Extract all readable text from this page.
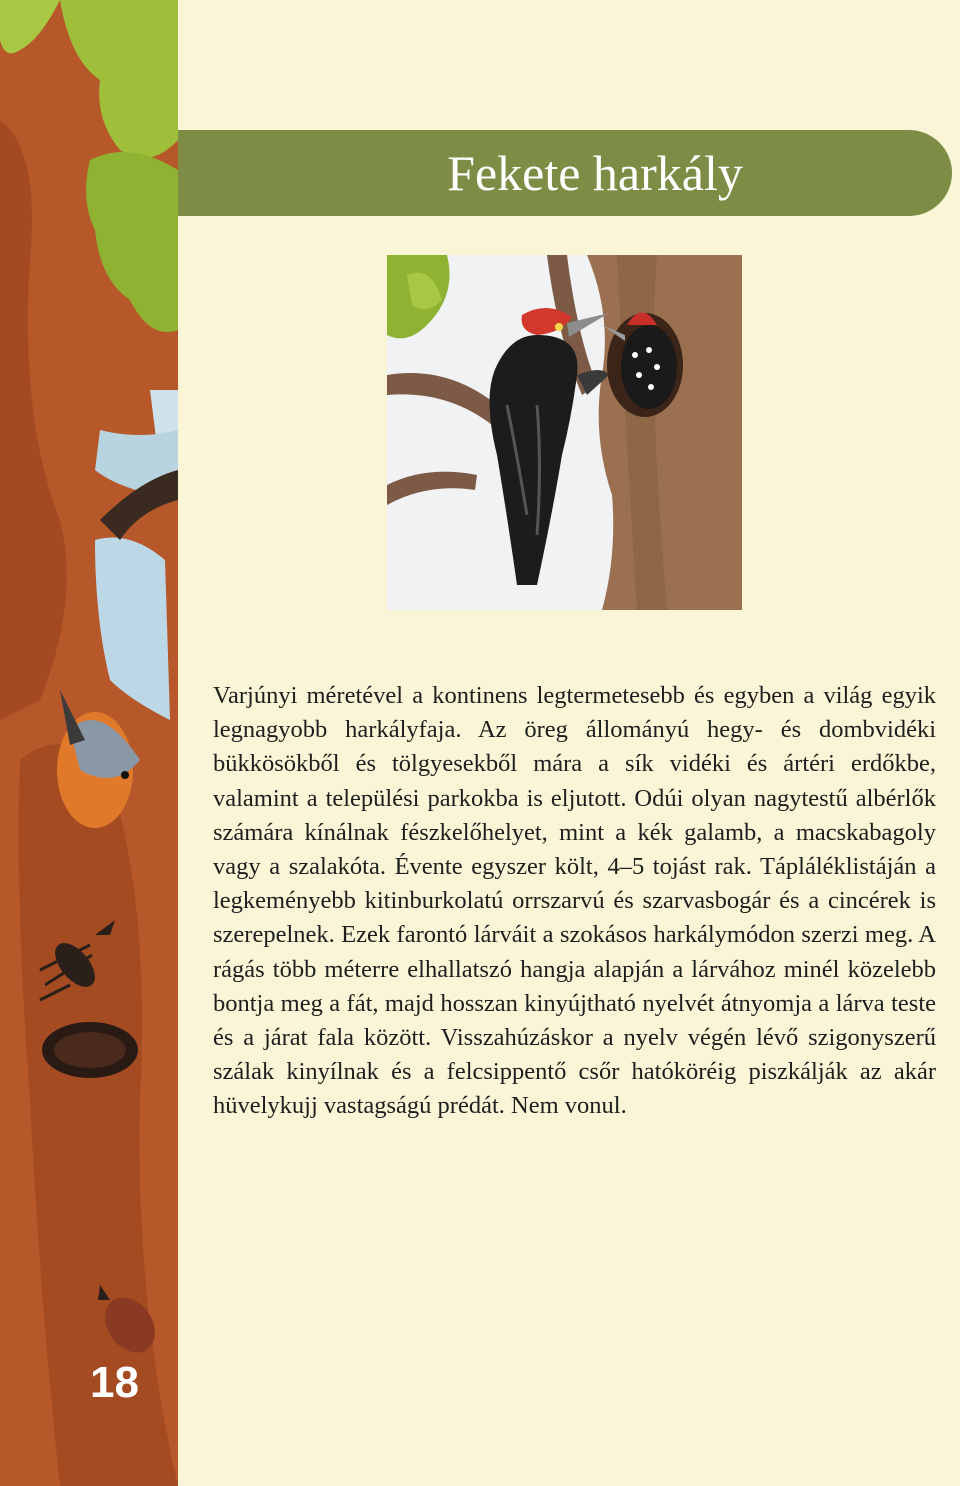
Fekete harkály

Varjúnyi méretével a kontinens legtermetesebb és egyben a világ egyik legnagyobb harkályfaja. Az öreg állományú hegy- és dombvidéki bükkösökből és tölgyesekből mára a sík vidéki és ártéri erdőkbe, valamint a települési parkokba is eljutott. Odúi olyan nagytestű albérlők számára kínálnak fészkelőhelyet, mint a kék galamb, a macskabagoly vagy a szalakóta. Évente egyszer költ, 4–5 tojást rak. Tápláléklistáján a legkeményebb kitinburkolatú orrszarvú és szarvasbogár és a cincérek is szerepelnek. Ezek farontó lárváit a szokásos harkálymódon szerzi meg. A rágás több méterre elhallatszó hangja alapján a lárvához minél közelebb bontja meg a fát, majd hosszan kinyújtható nyelvét átnyomja a lárva teste és a járat fala között. Visszahúzáskor a nyelv végén lévő szigonyszerű szálak kinyílnak és a felcsippentő csőr hatóköréig piszkálják az akár hüvelykujj vastagságú prédát. Nem vonul.

18
